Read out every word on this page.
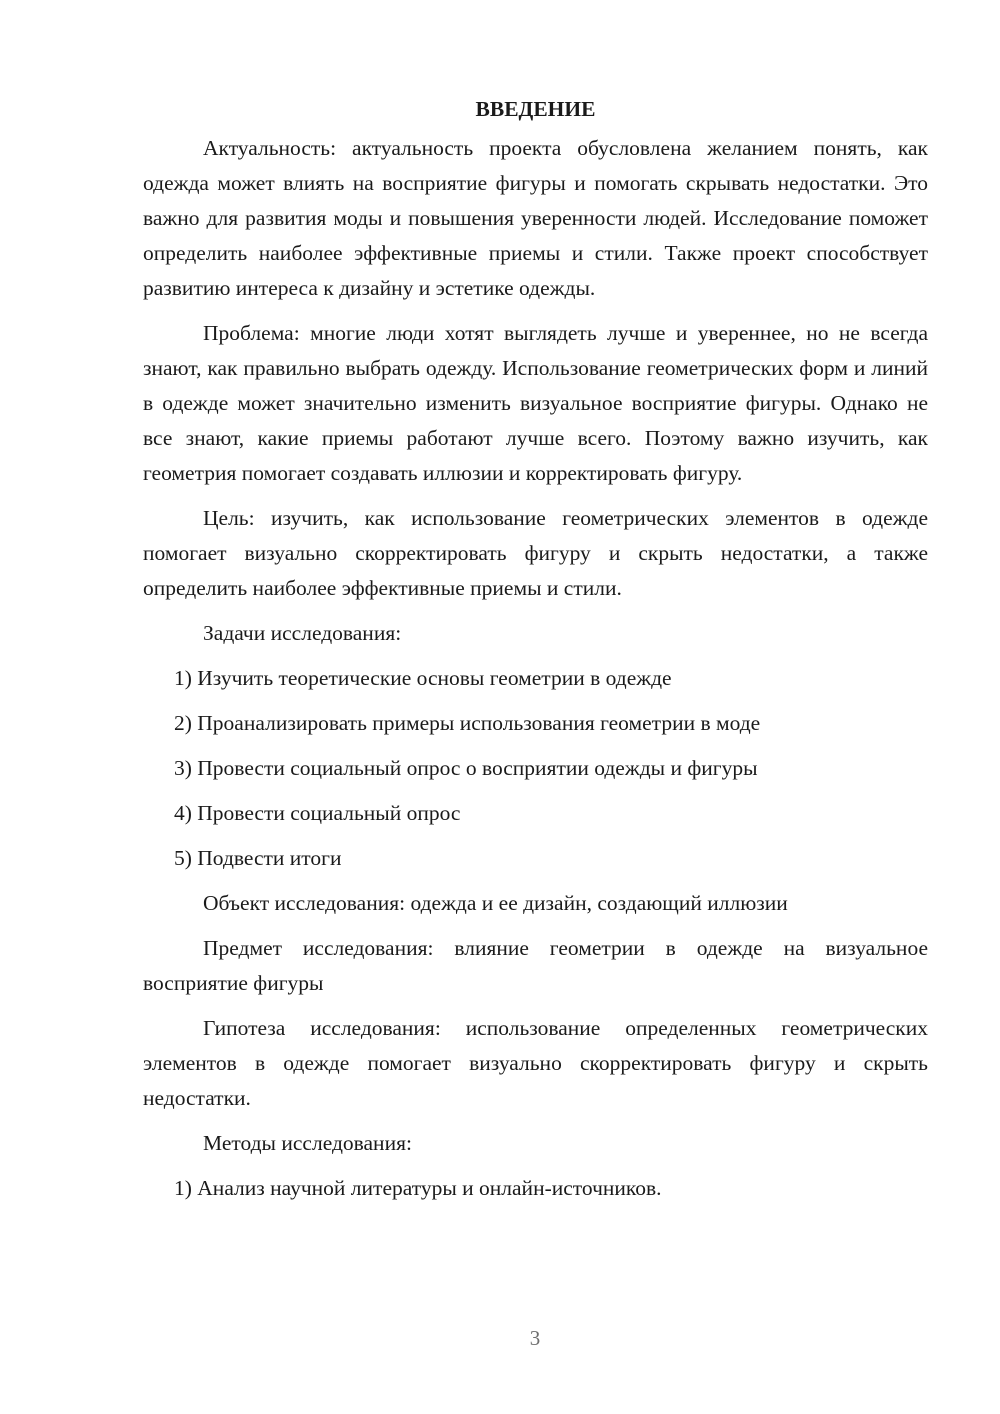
ВВЕДЕНИЕ

Актуальность: актуальность проекта обусловлена желанием понять, как одежда может влиять на восприятие фигуры и помогать скрывать недостатки. Это важно для развития моды и повышения уверенности людей. Исследование поможет определить наиболее эффективные приемы и стили. Также проект способствует развитию интереса к дизайну и эстетике одежды.

Проблема: многие люди хотят выглядеть лучше и увереннее, но не всегда знают, как правильно выбрать одежду. Использование геометрических форм и линий в одежде может значительно изменить визуальное восприятие фигуры. Однако не все знают, какие приемы работают лучше всего. Поэтому важно изучить, как геометрия помогает создавать иллюзии и корректировать фигуру.

Цель: изучить, как использование геометрических элементов в одежде помогает визуально скорректировать фигуру и скрыть недостатки, а также определить наиболее эффективные приемы и стили.

Задачи исследования:

1) Изучить теоретические основы геометрии в одежде

2) Проанализировать примеры использования геометрии в моде

3) Провести социальный опрос о восприятии одежды и фигуры

4) Провести социальный опрос

5) Подвести итоги

Объект исследования: одежда и ее дизайн, создающий иллюзии

Предмет исследования: влияние геометрии в одежде на визуальное восприятие фигуры

Гипотеза исследования: использование определенных геометрических элементов в одежде помогает визуально скорректировать фигуру и скрыть недостатки.

Методы исследования:

1) Анализ научной литературы и онлайн-источников.

3
